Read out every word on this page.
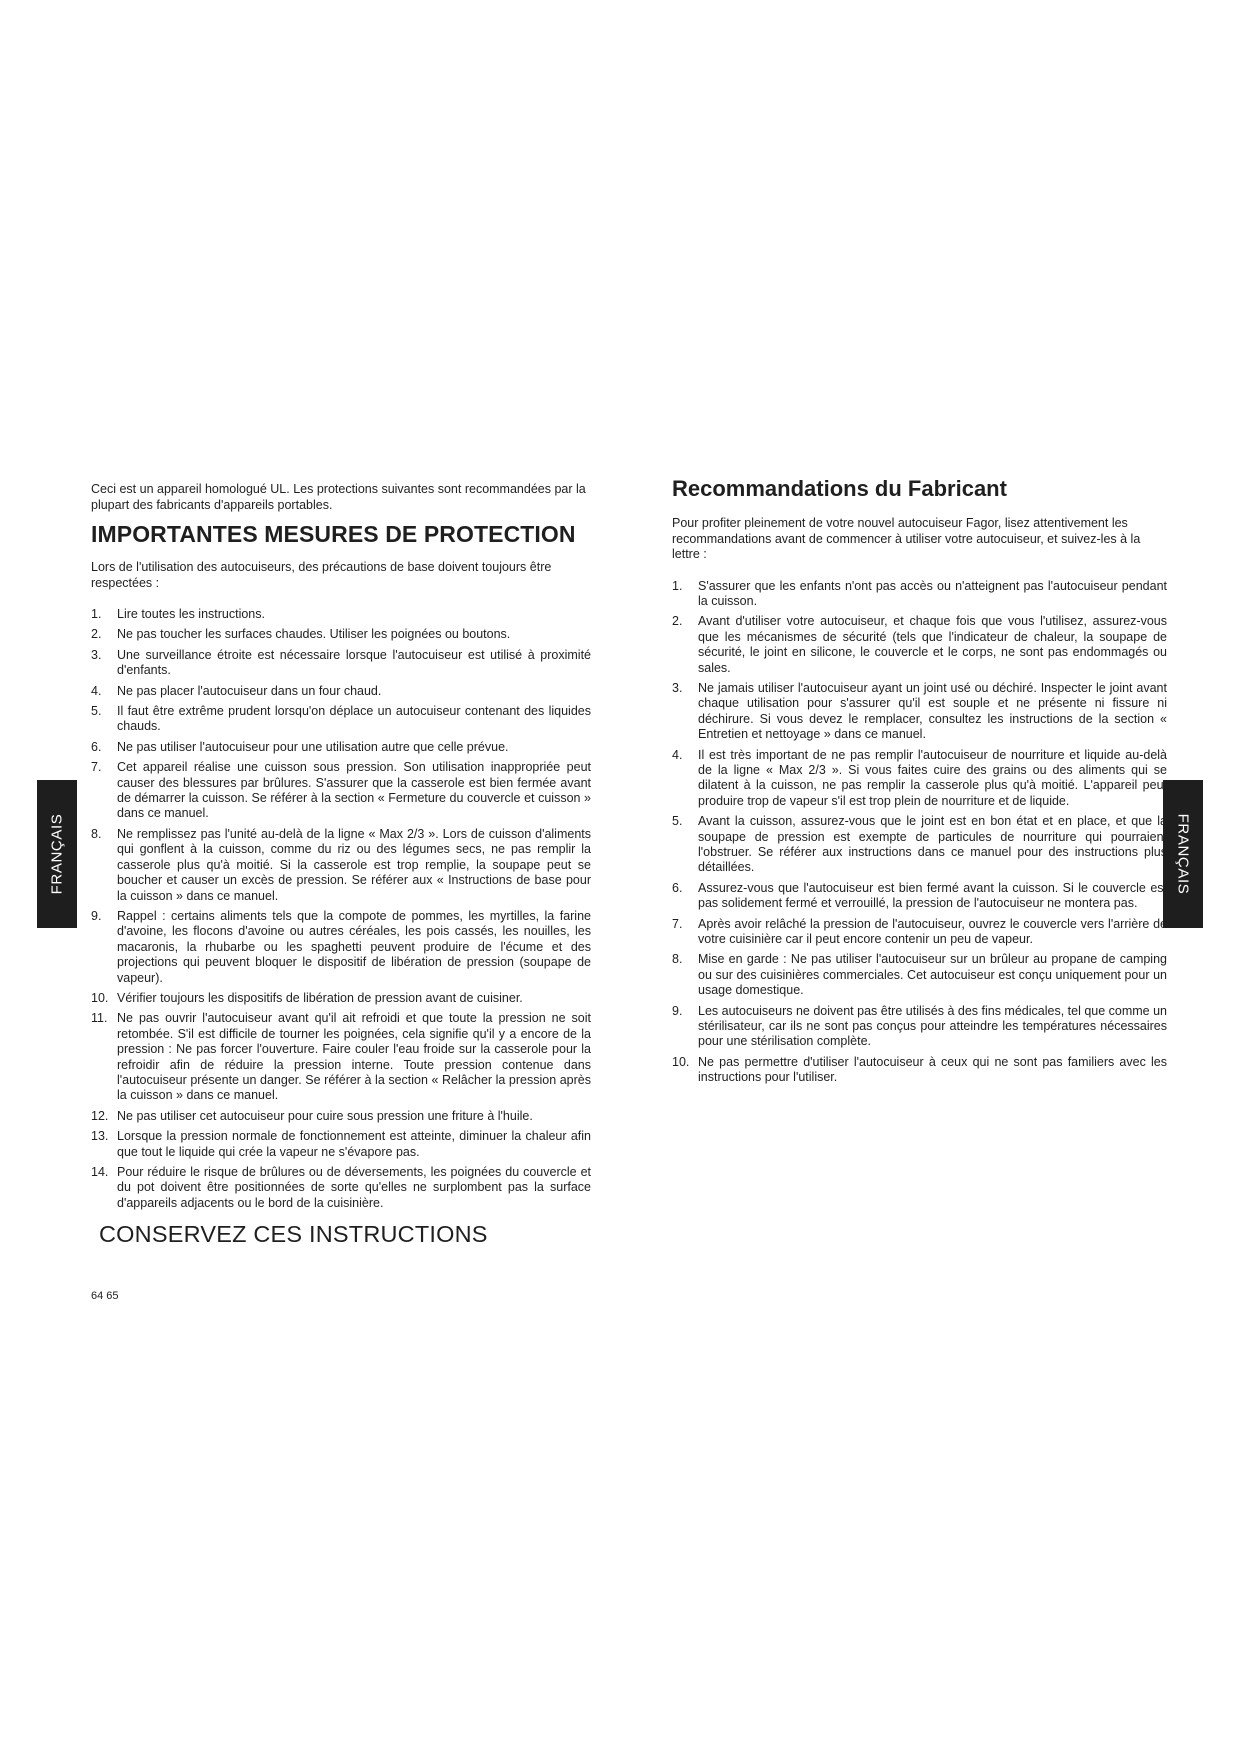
FRANÇAIS	FRANÇAIS

Ceci est un appareil homologué UL. Les protections suivantes sont recommandées par la plupart des fabricants d'appareils portables.

IMPORTANTES MESURES DE PROTECTION

Lors de l'utilisation des autocuiseurs, des précautions de base doivent toujours être respectées :

1. Lire toutes les instructions.
2. Ne pas toucher les surfaces chaudes. Utiliser les poignées ou boutons.
3. Une surveillance étroite est nécessaire lorsque l'autocuiseur est utilisé à proximité d'enfants.
4. Ne pas placer l'autocuiseur dans un four chaud.
5. Il faut être extrême prudent lorsqu'on déplace un autocuiseur contenant des liquides chauds.
6. Ne pas utiliser l'autocuiseur pour une utilisation autre que celle prévue.
7. Cet appareil réalise une cuisson sous pression. Son utilisation inappropriée peut causer des blessures par brûlures. S'assurer que la casserole est bien fermée avant de démarrer la cuisson. Se référer à la section « Fermeture du couvercle et cuisson » dans ce manuel.
8. Ne remplissez pas l'unité au-delà de la ligne « Max 2/3 ». Lors de cuisson d'aliments qui gonflent à la cuisson, comme du riz ou des légumes secs, ne pas remplir la casserole plus qu'à moitié. Si la casserole est trop remplie, la soupape peut se boucher et causer un excès de pression. Se référer aux « Instructions de base pour la cuisson » dans ce manuel.
9. Rappel : certains aliments tels que la compote de pommes, les myrtilles, la farine d'avoine, les flocons d'avoine ou autres céréales, les pois cassés, les nouilles, les macaronis, la rhubarbe ou les spaghetti peuvent produire de l'écume et des projections qui peuvent bloquer le dispositif de libération de pression (soupape de vapeur).
10. Vérifier toujours les dispositifs de libération de pression avant de cuisiner.
11. Ne pas ouvrir l'autocuiseur avant qu'il ait refroidi et que toute la pression ne soit retombée. S'il est difficile de tourner les poignées, cela signifie qu'il y a encore de la pression : Ne pas forcer l'ouverture. Faire couler l'eau froide sur la casserole pour la refroidir afin de réduire la pression interne. Toute pression contenue dans l'autocuiseur présente un danger. Se référer à la section « Relâcher la pression après la cuisson » dans ce manuel.
12. Ne pas utiliser cet autocuiseur pour cuire sous pression une friture à l'huile.
13. Lorsque la pression normale de fonctionnement est atteinte, diminuer la chaleur afin que tout le liquide qui crée la vapeur ne s'évapore pas.
14. Pour réduire le risque de brûlures ou de déversements, les poignées du couvercle et du pot doivent être positionnées de sorte qu'elles ne surplombent pas la surface d'appareils adjacents ou le bord de la cuisinière.
CONSERVEZ CES INSTRUCTIONS
Recommandations du Fabricant

Pour profiter pleinement de votre nouvel autocuiseur Fagor, lisez attentivement les recommandations avant de commencer à utiliser votre autocuiseur, et suivez-les à la lettre :

1. S'assurer que les enfants n'ont pas accès ou n'atteignent pas l'autocuiseur pendant la cuisson.
2. Avant d'utiliser votre autocuiseur, et chaque fois que vous l'utilisez, assurez-vous que les mécanismes de sécurité (tels que l'indicateur de chaleur, la soupape de sécurité, le joint en silicone, le couvercle et le corps, ne sont pas endommagés ou sales.
3. Ne jamais utiliser l'autocuiseur ayant un joint usé ou déchiré. Inspecter le joint avant chaque utilisation pour s'assurer qu'il est souple et ne présente ni fissure ni déchirure. Si vous devez le remplacer, consultez les instructions de la section « Entretien et nettoyage » dans ce manuel.
4. Il est très important de ne pas remplir l'autocuiseur de nourriture et liquide au-delà de la ligne « Max 2/3 ». Si vous faites cuire des grains ou des aliments qui se dilatent à la cuisson, ne pas remplir la casserole plus qu'à moitié. L'appareil peut produire trop de vapeur s'il est trop plein de nourriture et de liquide.
5. Avant la cuisson, assurez-vous que le joint est en bon état et en place, et que la soupape de pression est exempte de particules de nourriture qui pourraient l'obstruer. Se référer aux instructions dans ce manuel pour des instructions plus détaillées.
6. Assurez-vous que l'autocuiseur est bien fermé avant la cuisson. Si le couvercle est pas solidement fermé et verrouillé, la pression de l'autocuiseur ne montera pas.
7. Après avoir relâché la pression de l'autocuiseur, ouvrez le couvercle vers l'arrière de votre cuisinière car il peut encore contenir un peu de vapeur.
8. Mise en garde : Ne pas utiliser l'autocuiseur sur un brûleur au propane de camping ou sur des cuisinières commerciales. Cet autocuiseur est conçu uniquement pour un usage domestique.
9. Les autocuiseurs ne doivent pas être utilisés à des fins médicales, tel que comme un stérilisateur, car ils ne sont pas conçus pour atteindre les températures nécessaires pour une stérilisation complète.
10. Ne pas permettre d'utiliser l'autocuiseur à ceux qui ne sont pas familiers avec les instructions pour l'utiliser.
64 65
